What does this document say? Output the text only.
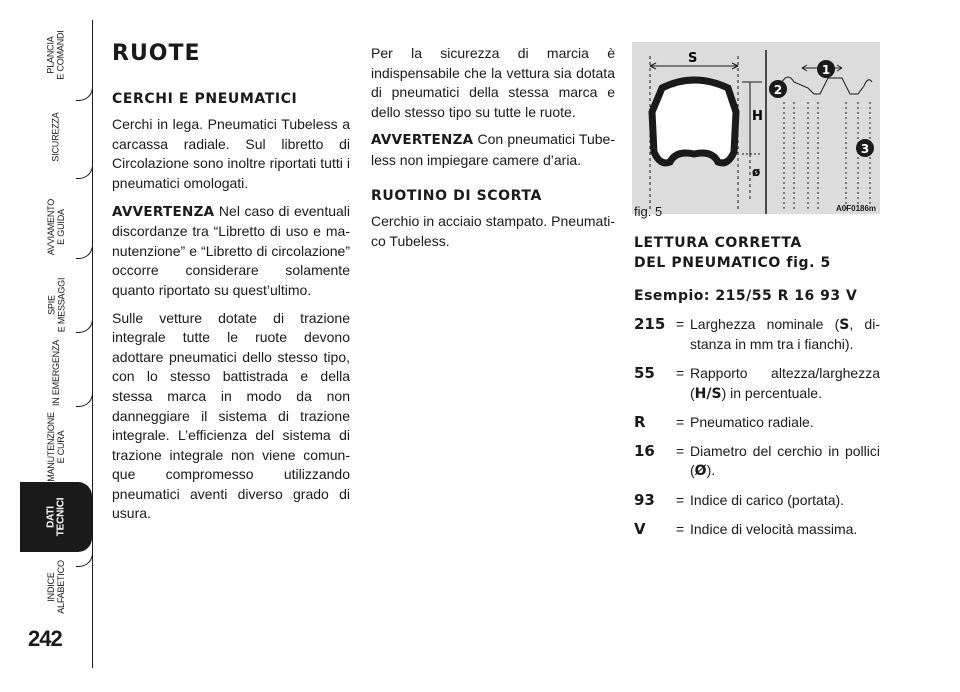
PLANCIA
E COMANDI
SICUREZZA
AVVIAMENTO
E GUIDA
SPIE
E MESSAGGI
IN EMERGENZA
MANUTENZIONE
E CURA
DATI
TECNICI
INDICE
ALFABETICO
242
RUOTE
CERCHI E PNEUMATICI

Cerchi in lega. Pneumatici Tubeless a carcassa radiale. Sul libretto di Circolazione sono inoltre riportati tutti i pneumatici omologati.

AVVERTENZA Nel caso di eventuali discordanze tra “Libretto di uso e manutenzione” e “Libretto di circolazione” occorre considerare solamente quanto riportato su quest’ultimo.

Sulle vetture dotate di trazione integrale tutte le ruote devono adottare pneumatici dello stesso tipo, con lo stesso battistrada e della stessa marca in modo da non danneggiare il sistema di trazione integrale. L’efficienza del sistema di trazione integrale non viene comunque compromesso utilizzando pneumatici aventi diverso grado di usura.

Per la sicurezza di marcia è indispensabile che la vettura sia dotata di pneumatici della stessa marca e dello stesso tipo su tutte le ruote.

AVVERTENZA Con pneumatici Tubeless non impiegare camere d’aria.

RUOTINO DI SCORTA

Cerchio in acciaio stampato. Pneumatico Tubeless.

S
H
ø
1
2
3
fig. 5	A0F0186m
LETTURA CORRETTA
DEL PNEUMATICO fig. 5
Esempio: 215/55 R 16 93 V
215 = Larghezza nominale (S, distanza in mm tra i fianchi).
55	= Rapporto altezza/larghezza (H/S) in percentuale.
R	= Pneumatico radiale.
16	= Diametro del cerchio in pollici (Ø).
93	= Indice di carico (portata).
V	= Indice di velocità massima.
